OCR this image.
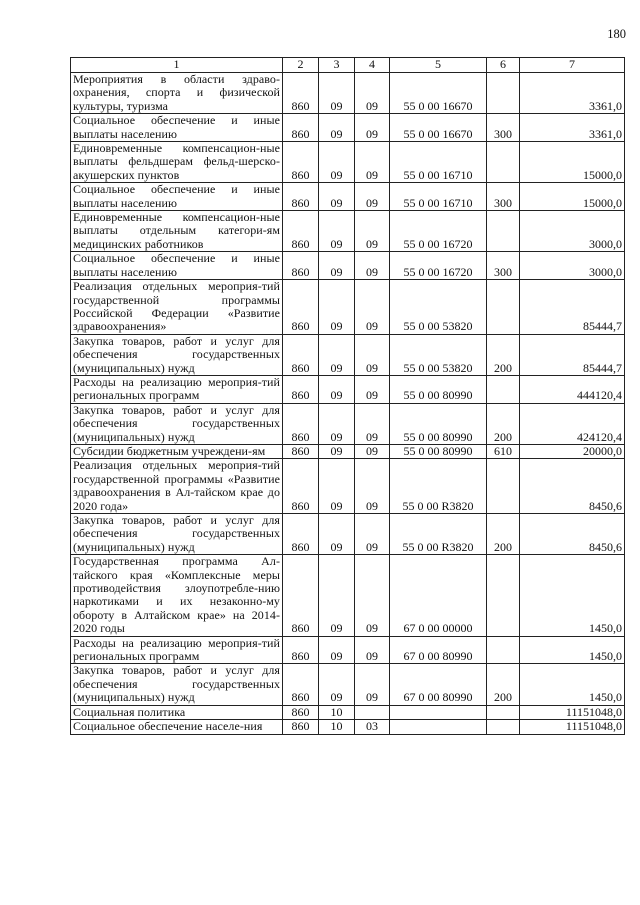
180
1	2	3	4	5	6	7
Мероприятия в области здраво-охранения, спорта и физической культуры, туризма	860	09	09	55 0 00 16670		3361,0
Социальное обеспечение и иные выплаты населению	860	09	09	55 0 00 16670	300	3361,0
Единовременные компенсацион-ные выплаты фельдшерам фельд-шерско-акушерских пунктов	860	09	09	55 0 00 16710		15000,0
Социальное обеспечение и иные выплаты населению	860	09	09	55 0 00 16710	300	15000,0
Единовременные компенсацион-ные выплаты отдельным категори-ям медицинских работников	860	09	09	55 0 00 16720		3000,0
Социальное обеспечение и иные выплаты населению	860	09	09	55 0 00 16720	300	3000,0
Реализация отдельных мероприя-тий государственной программы Российской Федерации «Развитие здравоохранения»	860	09	09	55 0 00 53820		85444,7
Закупка товаров, работ и услуг для обеспечения государственных (муниципальных) нужд	860	09	09	55 0 00 53820	200	85444,7
Расходы на реализацию мероприя-тий региональных программ	860	09	09	55 0 00 80990		444120,4
Закупка товаров, работ и услуг для обеспечения государственных (муниципальных) нужд	860	09	09	55 0 00 80990	200	424120,4
Субсидии бюджетным учреждени-ям	860	09	09	55 0 00 80990	610	20000,0
Реализация отдельных мероприя-тий государственной программы «Развитие здравоохранения в Ал-тайском крае до 2020 года»	860	09	09	55 0 00 R3820		8450,6
Закупка товаров, работ и услуг для обеспечения государственных (муниципальных) нужд	860	09	09	55 0 00 R3820	200	8450,6
Государственная программа Ал-тайского края «Комплексные меры противодействия злоупотребле-нию наркотиками и их незаконно-му обороту в Алтайском крае» на 2014-2020 годы	860	09	09	67 0 00 00000		1450,0
Расходы на реализацию мероприя-тий региональных программ	860	09	09	67 0 00 80990		1450,0
Закупка товаров, работ и услуг для обеспечения государственных (муниципальных) нужд	860	09	09	67 0 00 80990	200	1450,0
Социальная политика	860	10				11151048,0
Социальное обеспечение населе-ния	860	10	03			11151048,0
